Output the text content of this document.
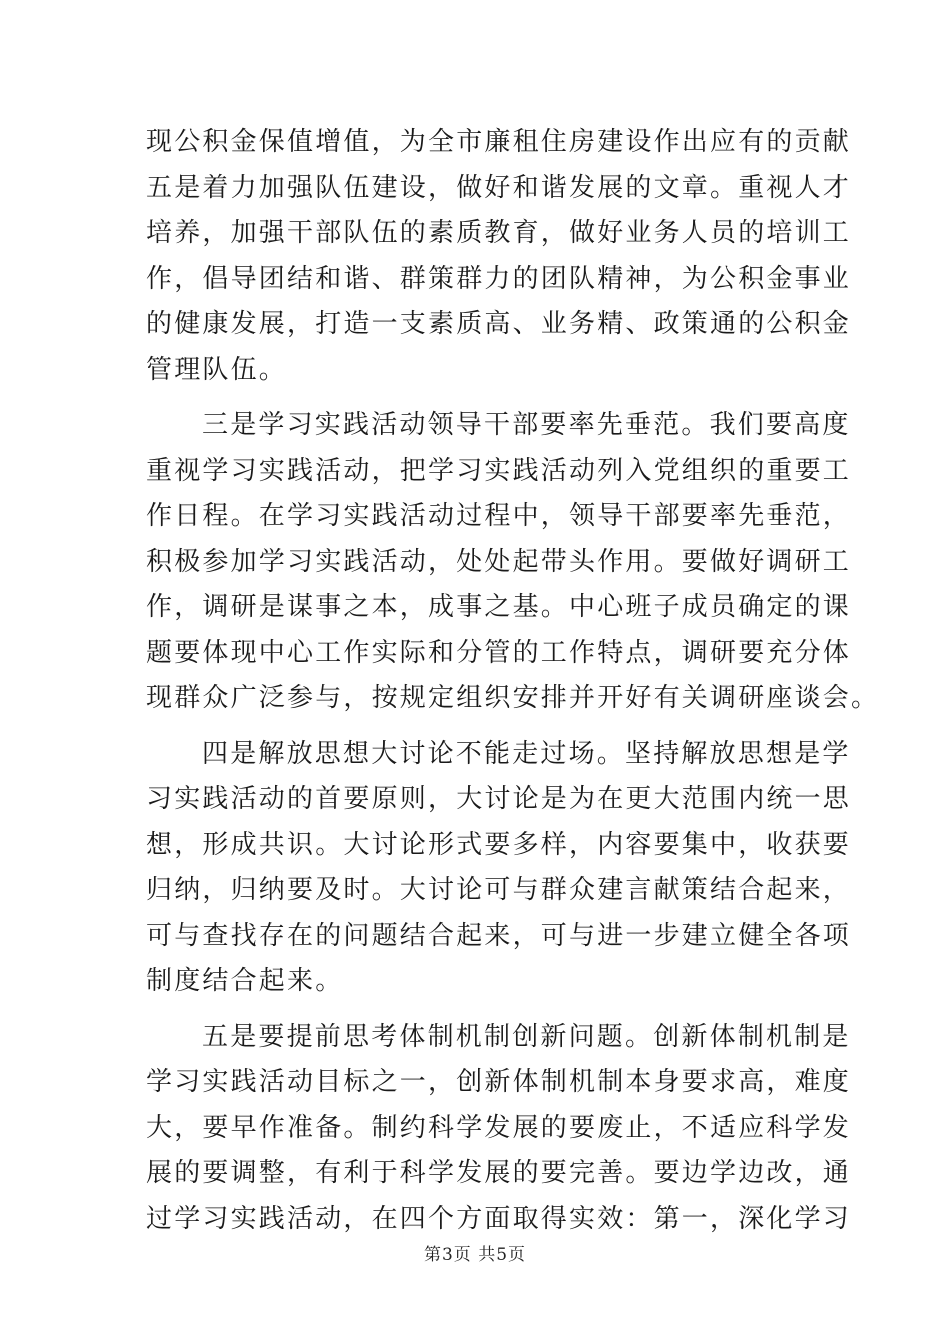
现公积金保值增值，为全市廉租住房建设作出应有的贡献
五是着力加强队伍建设，做好和谐发展的文章。重视人才
培养，加强干部队伍的素质教育，做好业务人员的培训工
作，倡导团结和谐、群策群力的团队精神，为公积金事业
的健康发展，打造一支素质高、业务精、政策通的公积金
管理队伍。
三是学习实践活动领导干部要率先垂范。我们要高度
重视学习实践活动，把学习实践活动列入党组织的重要工
作日程。在学习实践活动过程中，领导干部要率先垂范，
积极参加学习实践活动，处处起带头作用。要做好调研工
作，调研是谋事之本，成事之基。中心班子成员确定的课
题要体现中心工作实际和分管的工作特点，调研要充分体
现群众广泛参与，按规定组织安排并开好有关调研座谈会。
四是解放思想大讨论不能走过场。坚持解放思想是学
习实践活动的首要原则，大讨论是为在更大范围内统一思
想，形成共识。大讨论形式要多样，内容要集中，收获要
归纳，归纳要及时。大讨论可与群众建言献策结合起来，
可与查找存在的问题结合起来，可与进一步建立健全各项
制度结合起来。
五是要提前思考体制机制创新问题。创新体制机制是
学习实践活动目标之一，创新体制机制本身要求高，难度
大，要早作准备。制约科学发展的要废止，不适应科学发
展的要调整，有利于科学发展的要完善。要边学边改，通
过学习实践活动，在四个方面取得实效：第一，深化学习
第3页 共5页
